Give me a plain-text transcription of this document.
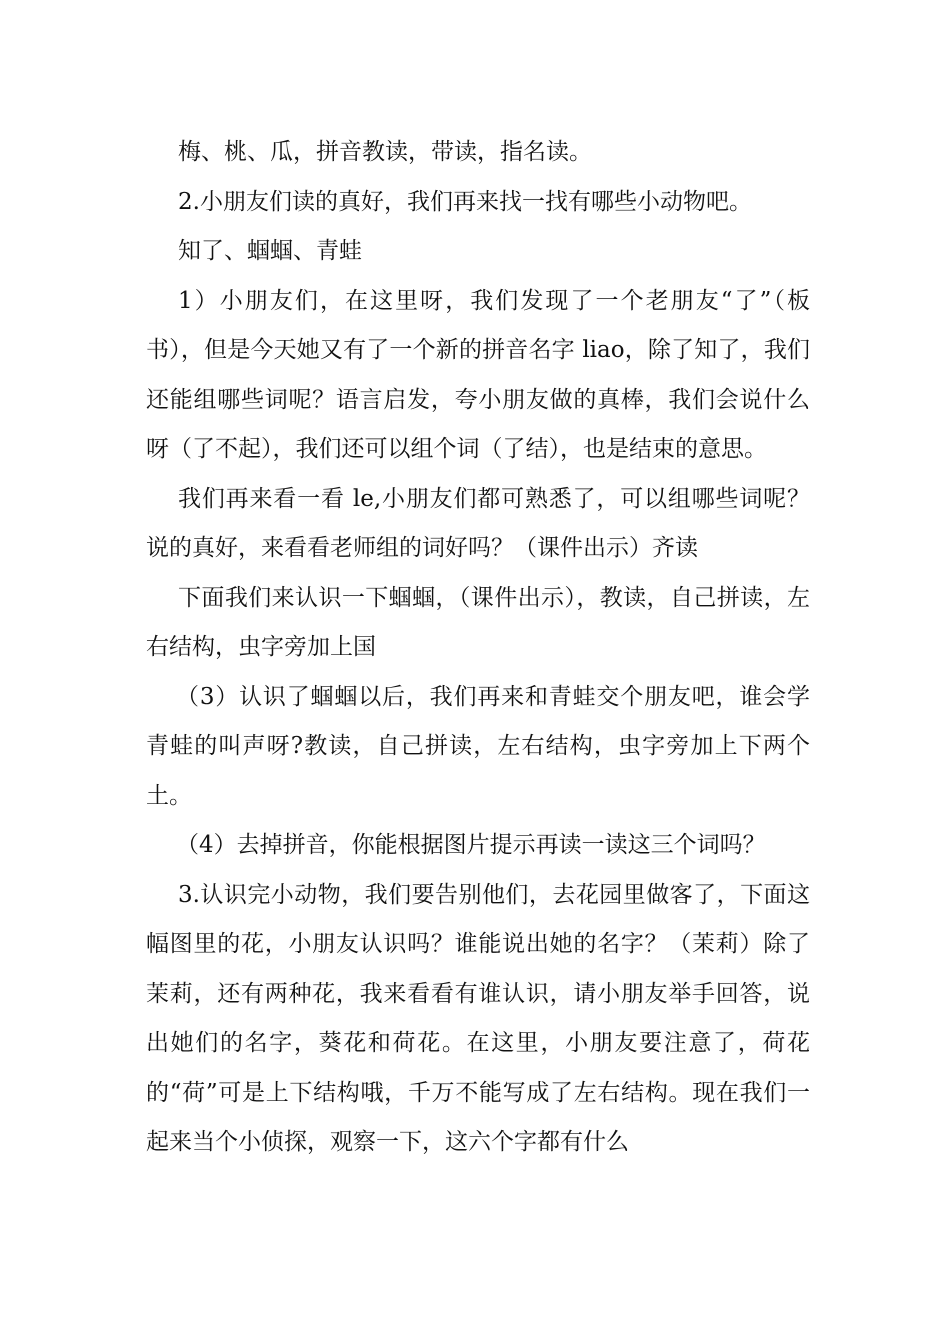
梅、桃、瓜，拼音教读，带读，指名读。

2.小朋友们读的真好，我们再来找一找有哪些小动物吧。

知了、蝈蝈、青蛙

1）小朋友们，在这里呀，我们发现了一个老朋友“了”（板书），但是今天她又有了一个新的拼音名字 liao，除了知了，我们还能组哪些词呢？语言启发，夸小朋友做的真棒，我们会说什么呀（了不起），我们还可以组个词（了结），也是结束的意思。

我们再来看一看 le,小朋友们都可熟悉了，可以组哪些词呢？说的真好，来看看老师组的词好吗？（课件出示）齐读

下面我们来认识一下蝈蝈，（课件出示），教读，自己拼读，左右结构，虫字旁加上国

（3）认识了蝈蝈以后，我们再来和青蛙交个朋友吧，谁会学青蛙的叫声呀?教读，自己拼读，左右结构，虫字旁加上下两个土。

（4）去掉拼音，你能根据图片提示再读一读这三个词吗？

3.认识完小动物，我们要告别他们，去花园里做客了，下面这幅图里的花，小朋友认识吗？谁能说出她的名字？（茉莉）除了茉莉，还有两种花，我来看看有谁认识，请小朋友举手回答，说出她们的名字，葵花和荷花。在这里，小朋友要注意了，荷花的“荷”可是上下结构哦，千万不能写成了左右结构。现在我们一起来当个小侦探，观察一下，这六个字都有什么
